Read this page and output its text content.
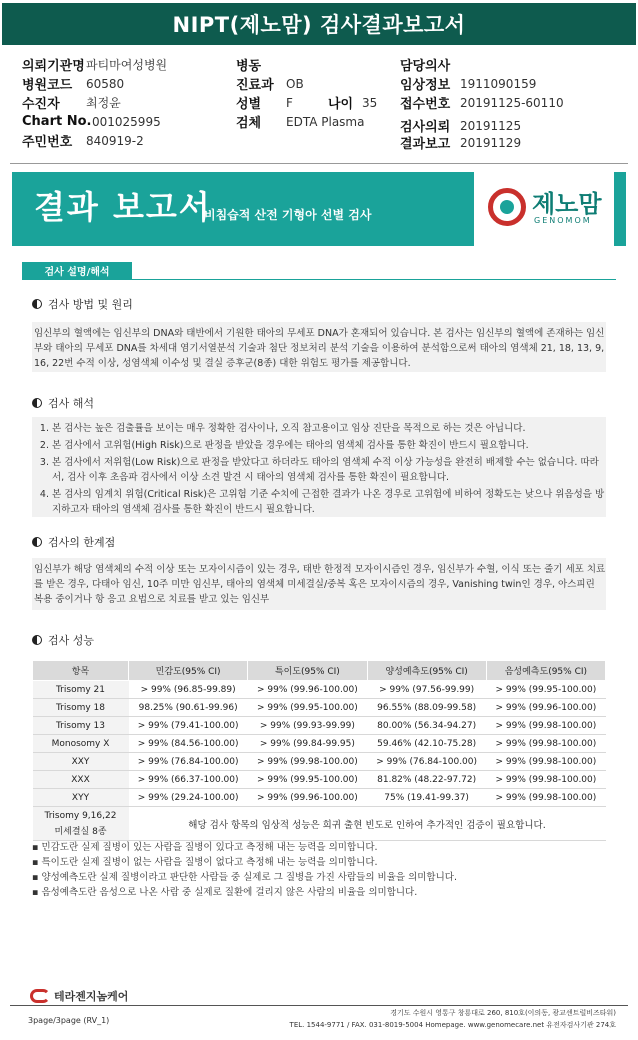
NIPT(제노맘) 검사결과보고서
의뢰기관명 파티마여성병원
병원코드	60580
수진자	최정윤
Chart No. 001025995
주민번호	840919-2
병동
진료과	OB
성별	F	나이 35
검체	EDTA Plasma
담당의사
임상정보 1911090159
접수번호 20191125-60110
검사의뢰 20191125
결과보고 20191129
결과 보고서
비침습적 산전 기형아 선별 검사	제노맘
GENOMOM
검사 설명/해석
검사 방법 및 원리
임신부의 혈액에는 임신부의 DNA와 태반에서 기원한 태아의 무세포 DNA가 혼재되어 있습니다. 본 검사는 임신부의 혈액에 존재하는 임신부와 태아의 무세포 DNA를 차세대 염기서열분석 기술과 첨단 정보처리 분석 기술을 이용하여 분석함으로써 태아의 염색체 21, 18, 13, 9, 16, 22번 수적 이상, 성염색체 이수성 및 결실 증후군(8종) 대한 위험도 평가를 제공합니다.
검사 해석
1. 본 검사는 높은 검출률을 보이는 매우 정확한 검사이나, 오직 참고용이고 임상 진단을 목적으로 하는 것은 아닙니다.
2. 본 검사에서 고위험(High Risk)으로 판정을 받았을 경우에는 태아의 염색체 검사를 통한 확진이 반드시 필요합니다.
3. 본 검사에서 저위험(Low Risk)으로 판정을 받았다고 하더라도 태아의 염색체 수적 이상 가능성을 완전히 배제할 수는 없습니다. 따라서, 검사 이후 초음파 검사에서 이상 소견 발견 시 태아의 염색체 검사를 통한 확진이 필요합니다.
4. 본 검사의 임계치 위험(Critical Risk)은 고위험 기준 수치에 근접한 결과가 나온 경우로 고위험에 비하여 정확도는 낮으나 위음성을 방지하고자 태아의 염색체 검사를 통한 확진이 반드시 필요합니다.
검사의 한계점
임신부가 해당 염색체의 수적 이상 또는 모자이시즘이 있는 경우, 태반 한정적 모자이시즘인 경우, 임신부가 수혈, 이식 또는 줄기 세포 치료를 받은 경우, 다태아 임신, 10주 미만 임신부, 태아의 염색체 미세결실/중복 혹은 모자이시즘의 경우, Vanishing twin인 경우, 아스피린 복용 중이거나 항 응고 요법으로 치료를 받고 있는 임신부
검사 성능
항목	민감도(95% CI)	특이도(95% CI)	양성예측도(95% CI)	음성예측도(95% CI)
Trisomy 21	> 99% (96.85-99.89)	> 99% (99.96-100.00)	> 99% (97.56-99.99)	> 99% (99.95-100.00)
Trisomy 18	98.25% (90.61-99.96)	> 99% (99.95-100.00)	96.55% (88.09-99.58)	> 99% (99.96-100.00)
Trisomy 13	> 99% (79.41-100.00)	> 99% (99.93-99.99)	80.00% (56.34-94.27)	> 99% (99.98-100.00)
Monosomy X	> 99% (84.56-100.00)	> 99% (99.84-99.95)	59.46% (42.10-75.28)	> 99% (99.98-100.00)
XXY	> 99% (76.84-100.00)	> 99% (99.98-100.00)	> 99% (76.84-100.00)	> 99% (99.98-100.00)
XXX	> 99% (66.37-100.00)	> 99% (99.95-100.00)	81.82% (48.22-97.72)	> 99% (99.98-100.00)
XYY	> 99% (29.24-100.00)	> 99% (99.96-100.00)	75% (19.41-99.37)	> 99% (99.98-100.00)

Trisomy 9,16,22
미세결실 8종	해당 검사 항목의 임상적 성능은 희귀 출현 빈도로 인하여 추가적인 검증이 필요합니다.			
▪ 민감도란 실제 질병이 있는 사람을 질병이 있다고 측정해 내는 능력을 의미합니다.
▪ 특이도란 실제 질병이 없는 사람을 질병이 없다고 측정해 내는 능력을 의미합니다.
▪ 양성예측도란 실제 질병이라고 판단한 사람들 중 실제로 그 질병을 가진 사람들의 비율을 의미합니다.
▪ 음성예측도란 음성으로 나온 사람 중 실제로 질환에 걸리지 않은 사람의 비율을 의미합니다.
테라젠지놈케어
경기도 수원시 영통구 창룡대로 260, 810호(이의동, 광교센트럴비즈타워)
TEL. 1544-9771 / FAX. 031-8019-5004 Homepage. www.genomecare.net 유전자검사기관 274호
3page/3page (RV_1)
